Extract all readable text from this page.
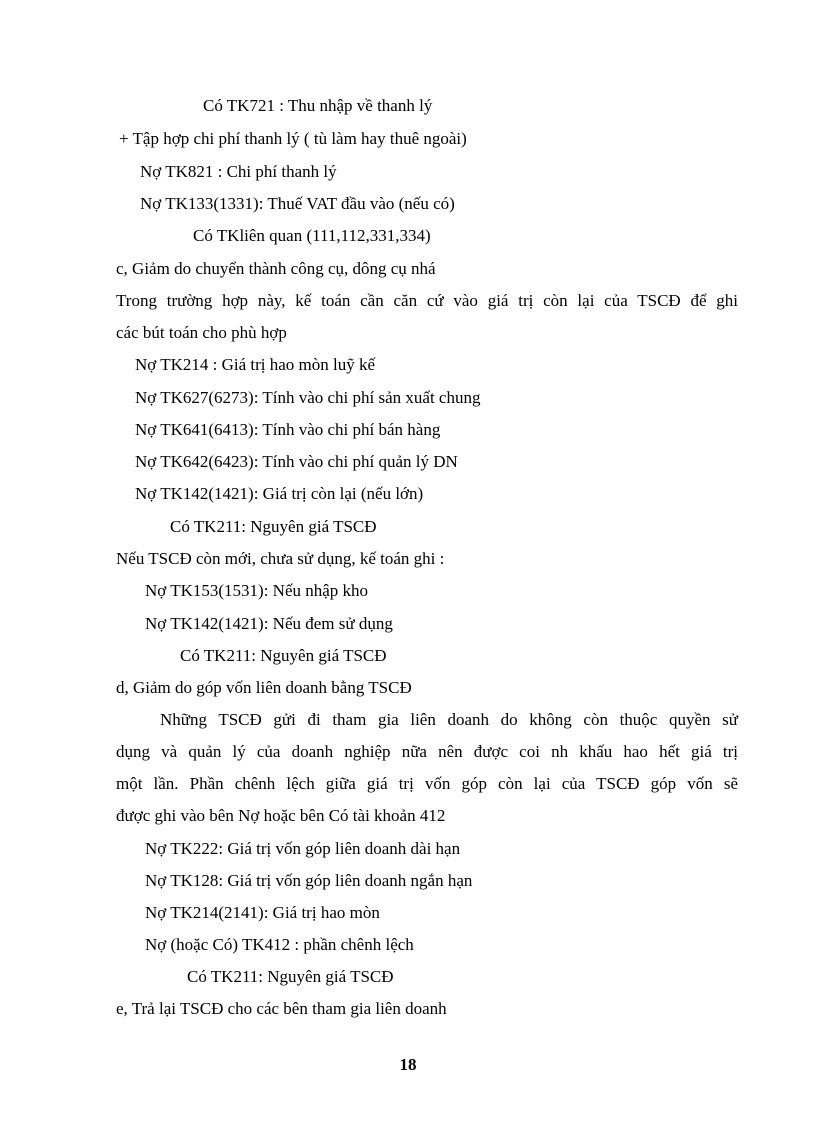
Có TK721 : Thu nhập về thanh lý
+ Tập hợp chi phí thanh lý ( tù làm hay thuê ngoài)
Nợ TK821 : Chi phí thanh lý
Nợ TK133(1331): Thuế VAT đầu vào (nếu có)
Có TKliên quan (111,112,331,334)
c, Giảm do chuyển thành công cụ, dông cụ nhá
Trong trường hợp này, kế toán cần căn cứ vào giá trị còn lại của TSCĐ để ghi
các bút toán cho phù hợp
Nợ TK214 : Giá trị hao mòn luỹ kế
Nợ TK627(6273): Tính vào chi phí sản xuất chung
Nợ TK641(6413): Tính vào chi phí bán hàng
Nợ TK642(6423): Tính vào chi phí quản lý DN
Nợ TK142(1421): Giá trị còn lại (nếu lớn)
Có TK211: Nguyên giá TSCĐ
Nếu TSCĐ còn mới, chưa sử dụng, kế toán ghi :
Nợ TK153(1531): Nếu nhập kho
Nợ TK142(1421): Nếu đem sử dụng
Có TK211: Nguyên giá TSCĐ
d, Giảm do góp vốn liên doanh bằng TSCĐ
Những TSCĐ gửi đi tham gia liên doanh do không còn thuộc quyền sử
dụng và quản lý của doanh nghiệp nữa nên được coi nh khấu hao hết giá trị
một lần. Phần chênh lệch giữa giá trị vốn góp còn lại của TSCĐ góp vốn sẽ
được ghi vào bên Nợ hoặc bên Có tài khoản 412
Nợ TK222: Giá trị vốn góp liên doanh dài hạn
Nợ TK128: Giá trị vốn góp liên doanh ngắn hạn
Nợ TK214(2141): Giá trị hao mòn
Nợ (hoặc Có) TK412 : phần chênh lệch
Có TK211: Nguyên giá TSCĐ
e, Trả lại TSCĐ cho các bên tham gia liên doanh
18
